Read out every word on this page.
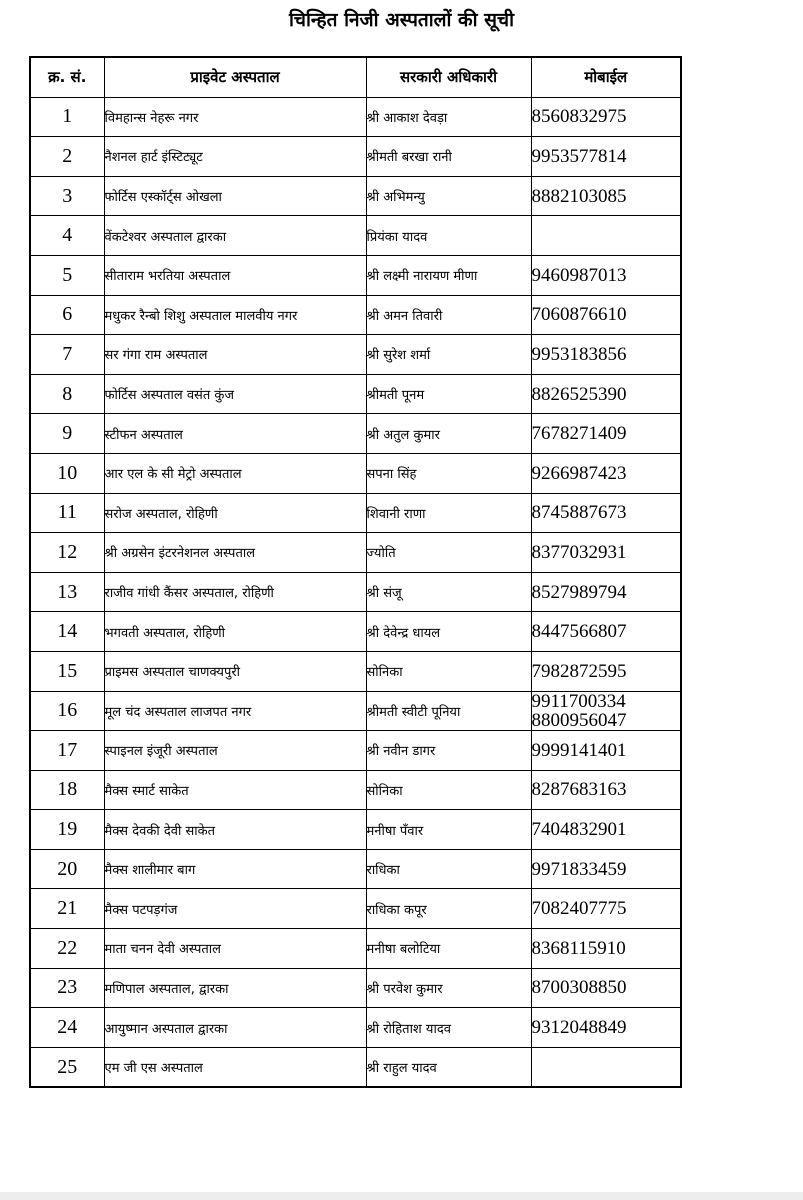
चिन्हित निजी अस्पतालों की सूची
क्र. सं.	प्राइवेट अस्पताल	सरकारी अधिकारी	मोबाईल
1	विमहान्स नेहरू नगर	श्री आकाश देवड़ा	8560832975

2	नैशनल हार्ट इंस्टिट्यूट	श्रीमती बरखा रानी	9953577814

3	फोर्टिस एस्कॉर्ट्स ओखला	श्री अभिमन्यु	8882103085

4	वेंकटेश्वर अस्पताल द्वारका	प्रियंका यादव	
5	सीताराम भरतिया अस्पताल	श्री लक्ष्मी नारायण मीणा	9460987013

6	मधुकर रैन्बो शिशु अस्पताल मालवीय नगर	श्री अमन तिवारी	7060876610

7	सर गंगा राम अस्पताल	श्री सुरेश शर्मा	9953183856

8	फोर्टिस अस्पताल वसंत कुंज	श्रीमती पूनम	8826525390

9	स्टीफन अस्पताल	श्री अतुल कुमार	7678271409

10	आर एल के सी मेट्रो अस्पताल	सपना सिंह	9266987423

11	सरोज अस्पताल, रोहिणी	शिवानी राणा	8745887673

12	श्री अग्रसेन इंटरनेशनल अस्पताल	ज्योति	8377032931

13	राजीव गांधी कैंसर अस्पताल, रोहिणी	श्री संजू	8527989794

14	भगवती अस्पताल, रोहिणी	श्री देवेन्द्र धायल	8447566807

15	प्राइमस अस्पताल चाणक्यपुरी	सोनिका	7982872595

16	मूल चंद अस्पताल लाजपत नगर	श्रीमती स्वीटी पूनिया	9911700334
8800956047

17	स्पाइनल इंजूरी अस्पताल	श्री नवीन डागर	9999141401

18	मैक्स स्मार्ट साकेत	सोनिका	8287683163

19	मैक्स देवकी देवी साकेत	मनीषा पँवार	7404832901

20	मैक्स शालीमार बाग	राधिका	9971833459

21	मैक्स पटपड़गंज	राधिका कपूर	7082407775

22	माता चनन देवी अस्पताल	मनीषा बलोटिया	8368115910

23	मणिपाल अस्पताल, द्वारका	श्री परवेश कुमार	8700308850

24	आयुष्मान अस्पताल द्वारका	श्री रोहिताश यादव	9312048849

25	एम जी एस अस्पताल	श्री राहुल यादव	
